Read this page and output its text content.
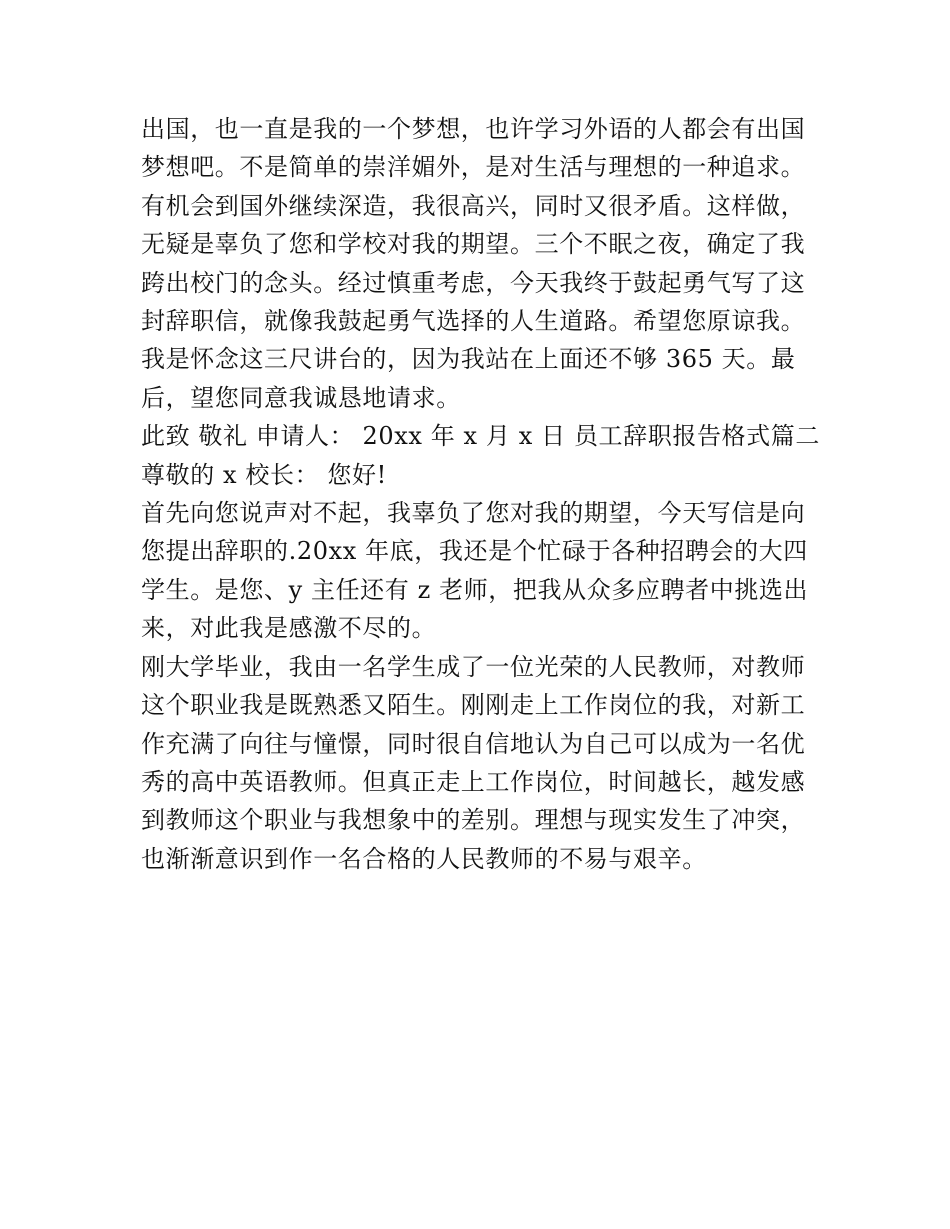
出国，也一直是我的一个梦想，也许学习外语的人都会有出国
梦想吧。不是简单的崇洋媚外，是对生活与理想的一种追求。
有机会到国外继续深造，我很高兴，同时又很矛盾。这样做，
无疑是辜负了您和学校对我的期望。三个不眠之夜，确定了我
跨出校门的念头。经过慎重考虑，今天我终于鼓起勇气写了这
封辞职信，就像我鼓起勇气选择的人生道路。希望您原谅我。
我是怀念这三尺讲台的，因为我站在上面还不够 365 天。最
后，望您同意我诚恳地请求。
此致 敬礼 申请人： 20xx 年 x 月 x 日 员工辞职报告格式篇二
尊敬的 x 校长： 您好!
首先向您说声对不起，我辜负了您对我的期望，今天写信是向
您提出辞职的.20xx 年底，我还是个忙碌于各种招聘会的大四
学生。是您、y 主任还有 z 老师，把我从众多应聘者中挑选出
来，对此我是感激不尽的。
刚大学毕业，我由一名学生成了一位光荣的人民教师，对教师
这个职业我是既熟悉又陌生。刚刚走上工作岗位的我，对新工
作充满了向往与憧憬，同时很自信地认为自己可以成为一名优
秀的高中英语教师。但真正走上工作岗位，时间越长，越发感
到教师这个职业与我想象中的差别。理想与现实发生了冲突，
也渐渐意识到作一名合格的人民教师的不易与艰辛。
